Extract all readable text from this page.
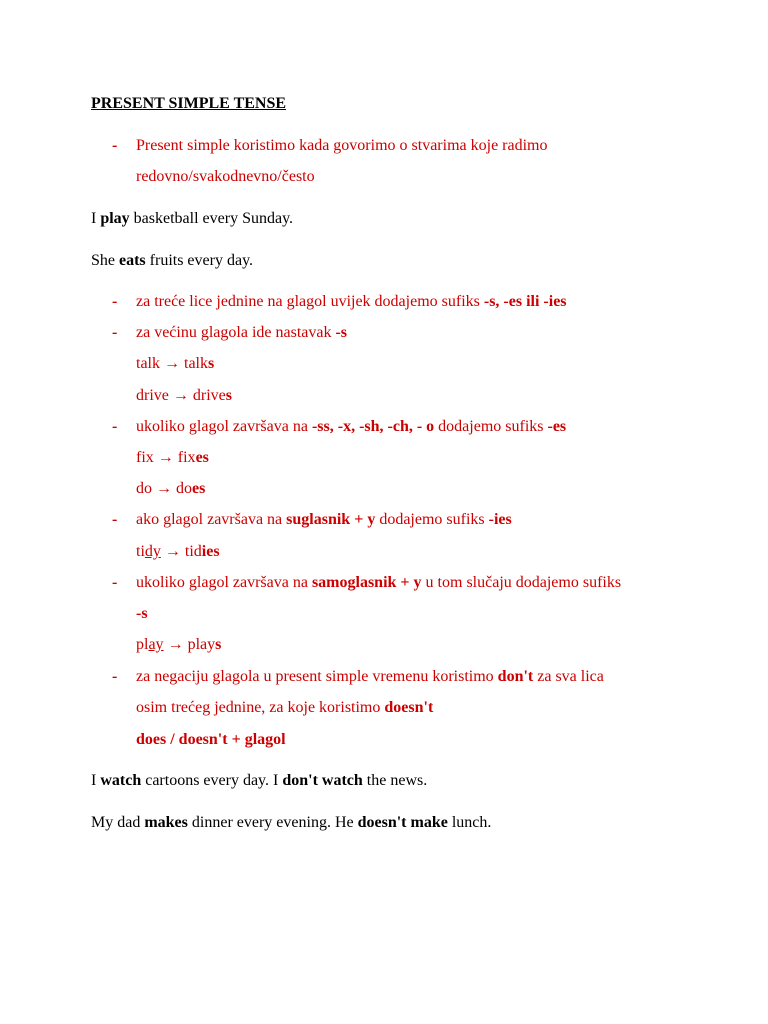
PRESENT SIMPLE TENSE
- Present simple koristimo kada govorimo o stvarima koje radimo
redovno/svakodnevno/često
I play basketball every Sunday.
She eats fruits every day.
- za treće lice jednine na glagol uvijek dodajemo sufiks -s, -es ili -ies
- za većinu glagola ide nastavak -s
talk → talks
drive → drives
- ukoliko glagol završava na -ss, -x, -sh, -ch, - o dodajemo sufiks -es
fix → fixes
do → does
- ako glagol završava na suglasnik + y dodajemo sufiks -ies
tidy → tidies
- ukoliko glagol završava na samoglasnik + y u tom slučaju dodajemo sufiks
-s
play → plays
- za negaciju glagola u present simple vremenu koristimo don't za sva lica
osim trećeg jednine, za koje koristimo doesn't
does / doesn't + glagol
I watch cartoons every day. I don't watch the news.
My dad makes dinner every evening. He doesn't make lunch.
